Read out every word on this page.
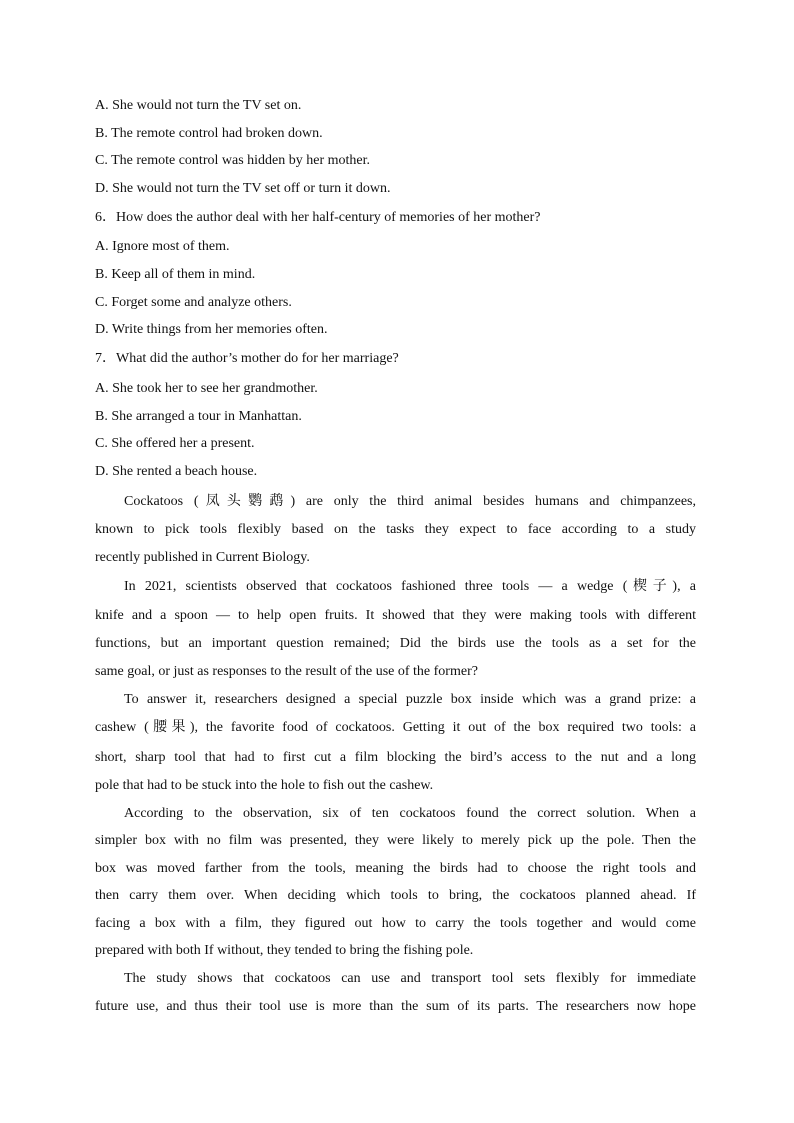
A. She would not turn the TV set on.
B. The remote control had broken down.
C. The remote control was hidden by her mother.
D. She would not turn the TV set off or turn it down.
6．How does the author deal with her half-century of memories of her mother?
A. Ignore most of them.
B. Keep all of them in mind.
C. Forget some and analyze others.
D. Write things from her memories often.
7．What did the author’s mother do for her marriage?
A. She took her to see her grandmother.
B. She arranged a tour in Manhattan.
C. She offered her a present.
D. She rented a beach house.
Cockatoos (凤头鹦鹉) are only the third animal besides humans and chimpanzees,
known to pick tools flexibly based on the tasks they expect to face according to a study
recently published in Current Biology.
In 2021, scientists observed that cockatoos fashioned three tools — a wedge (楔子), a
knife and a spoon — to help open fruits. It showed that they were making tools with different
functions, but an important question remained; Did the birds use the tools as a set for the
same goal, or just as responses to the result of the use of the former?
To answer it, researchers designed a special puzzle box inside which was a grand prize: a
cashew (腰果), the favorite food of cockatoos. Getting it out of the box required two tools: a
short, sharp tool that had to first cut a film blocking the bird’s access to the nut and a long
pole that had to be stuck into the hole to fish out the cashew.
According to the observation, six of ten cockatoos found the correct solution. When a
simpler box with no film was presented, they were likely to merely pick up the pole. Then the
box was moved farther from the tools, meaning the birds had to choose the right tools and
then carry them over. When deciding which tools to bring, the cockatoos planned ahead. If
facing a box with a film, they figured out how to carry the tools together and would come
prepared with both If without, they tended to bring the fishing pole.
The study shows that cockatoos can use and transport tool sets flexibly for immediate
future use, and thus their tool use is more than the sum of its parts. The researchers now hope
